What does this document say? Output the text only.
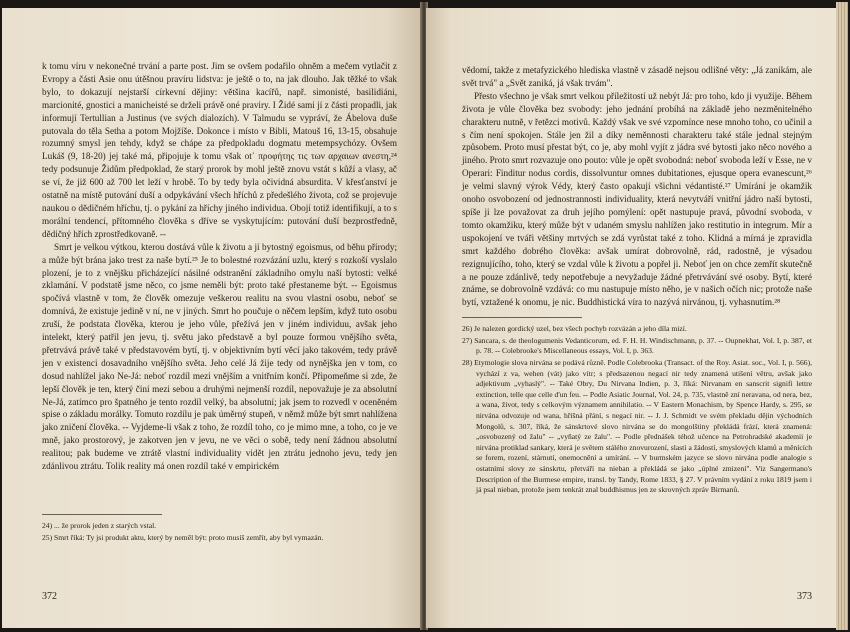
k tomu víru v nekonečné trvání a parte post. Jim se ovšem podařilo ohněm a mečem vytlačit z Evropy a části Asie onu útěšnou pravíru lidstva: je ještě o to, na jak dlouho. Jak těžké to však bylo, to dokazují nejstarší církevní dějiny: většina kacířů, např. simonisté, basilidiáni, marcionité, gnostici a manicheisté se drželi právě oné praviry. I Židé sami jí z části propadli, jak informují Tertullian a Justinus (ve svých dialozích). V Talmudu se vypráví, že Ábelova duše putovala do těla Setha a potom Mojžíše. Dokonce i místo v Bibli, Matouš 16, 13-15, obsahuje rozumný smysl jen tehdy, když se chápe za předpokladu dogmatu metempsychózy. Ovšem Lukáš (9, 18-20) jej také má, připojuje k tomu však ot᾽ προφήτης τις των αρχαιων ανεστη,²⁴ tedy podsunuje Židům předpoklad, že starý prorok by mohl ještě znovu vstát s kůží a vlasy, ač se ví, že již 600 až 700 let leží v hrobě. To by tedy byla očividná absurdita. V křesťanství je ostatně na místě putování duší a odpykávání všech hříchů z předešlého života, což se projevuje naukou o dědičném hříchu, tj. o pykání za hříchy jiného individua. Obojí totiž identifikují, a to s morální tendencí, přítomného člověka s dříve se vyskytujícím: putování duší bezprostředně, dědičný hřích zprostředkovaně. --

Smrt je velkou výtkou, kterou dostává vůle k životu a jí bytostný egoismus, od běhu přírody; a může být brána jako trest za naše bytí.²⁵ Je to bolestné rozvázání uzlu, který s rozkoší vyslalo plození, je to z vnějšku přicházející násilné odstranění základního omylu naší bytosti: velké zklamání. V podstatě jsme něco, co jsme neměli být: proto také přestaneme být. -- Egoismus spočívá vlastně v tom, že člověk omezuje veškerou realitu na svou vlastní osobu, neboť se domnívá, že existuje jedině v ní, ne v jiných. Smrt ho poučuje o něčem lepším, když tuto osobu zruší, že podstata člověka, kterou je jeho vůle, přežívá jen v jiném individuu, avšak jeho intelekt, který patřil jen jevu, tj. světu jako představě a byl pouze formou vnějšího světa, přetrvává právě také v představovém bytí, tj. v objektivním bytí věcí jako takovém, tedy právě jen v existenci dosavadního vnějšího světa. Jeho celé Já žije tedy od nynějška jen v tom, co dosud nahlížel jako Ne-Já: neboť rozdíl mezi vnějším a vnitřním končí. Připomeňme si zde, že lepší člověk je ten, který činí mezi sebou a druhými nejmenší rozdíl, nepovažuje je za absolutní Ne-Já, zatímco pro špatného je tento rozdíl velký, ba absolutní; jak jsem to rozvedl v oceněném spise o základu morálky. Tomuto rozdílu je pak úměrný stupeň, v němž může být smrt nahlížena jako zničení člověka. -- Vyjdeme-li však z toho, že rozdíl toho, co je mimo mne, a toho, co je ve mně, jako prostorový, je zakotven jen v jevu, ne ve věci o sobě, tedy není žádnou absolutní realitou; pak budeme ve ztrátě vlastní individuality vidět jen ztrátu jednoho jevu, tedy jen zdánlivou ztrátu. Tolik reality má onen rozdíl také v empirickém

24) ... že prorok jeden z starých vstal.
25) Smrt říká: Ty jsi produkt aktu, který by neměl být: proto musíš zemřít, aby byl vymazán.
372

vědomí, takže z metafyzického hlediska vlastně v zásadě nejsou odlišné věty: „Já zanikám, ale svět trvá" a „Svět zaniká, já však trvám".

Přesto všechno je však smrt velkou příležitostí už nebýt Já: pro toho, kdo ji využije. Během života je vůle člověka bez svobody: jeho jednání probíhá na základě jeho nezměnitelného charakteru nutně, v řetězci motivů. Každý však ve své vzpomínce nese mnoho toho, co učinil a s čím není spokojen. Stále jen žil a díky neměnnosti charakteru také stále jednal stejným způsobem. Proto musí přestat být, co je, aby mohl vyjít z jádra své bytosti jako něco nového a jiného. Proto smrt rozvazuje ono pouto: vůle je opět svobodná: neboť svoboda leží v Esse, ne v Operari: Finditur nodus cordis, dissolvuntur omnes dubitationes, ejusque opera evanescunt,²⁶ je velmi slavný výrok Védy, který často opakují všichni védantisté.²⁷ Umírání je okamžik onoho osvobození od jednostrannosti individuality, která nevytváří vnitřní jádro naší bytosti, spíše ji lze považovat za druh jejího pomýlení: opět nastupuje pravá, původní svoboda, v tomto okamžiku, který může být v udaném smyslu nahlížen jako restitutio in integrum. Mír a uspokojení ve tváři většiny mrtvých se zdá vyrůstat také z toho. Klidná a mírná je zpravidla smrt každého dobrého člověka: avšak umírat dobrovolně, rád, radostně, je výsadou rezignujícího, toho, který se vzdal vůle k životu a popřel ji. Neboť jen on chce zemřít skutečně a ne pouze zdánlivě, tedy nepotřebuje a nevyžaduje žádné přetrvávání své osoby. Bytí, které známe, se dobrovolně vzdává: co mu nastupuje místo něho, je v našich očích nic; protože naše bytí, vztažené k onomu, je nic. Buddhistická víra to nazývá nirvánou, tj. vyhasnutím.²⁸

26) Je nalezen gordický uzel, bez všech pochyb rozvázán a jeho díla mizí.
27) Sancara, s. de theologumenis Vedanticorum, ed. F. H. H. Windischmann, p. 37. -- Oupnekhat, Vol. I, p. 387, et p. 78. -- Colebrooke's Miscellaneous essays, Vol. I, p. 363.
28) Etymologie slova nirvána se podává různě. Podle Colebrooka (Transact. of the Roy. Asiat. soc., Vol. I, p. 566), vychází z va, wehen (vát) jako vítr; s předsazenou negací nir tedy znamená utišení větru, avšak jako adjektivum „vyhaslý". -- Také Obry, Du Nirvana Indien, p. 3, říká: Nirvanam en sanscrit signifi lettre extinction, telle que celle d'un feu. -- Podle Asiatic Journal, Vol. 24, p. 735, vlastně zní neravana, od nera, bez, a wana, život, tedy s celkovým významem annihilatio. -- V Eastern Monachism, by Spence Hardy, s. 295, se nirvána odvozuje od wana, hříšná přání, s negací nir. -- J. J. Schmidt ve svém překladu dějin východních Mongolů, s. 307, říká, že sánskrtové slovo nirvána se do mongolštiny překládá frází, která znamená: „osvobozený od žalu" -- „vyňatý ze žalu". -- Podle přednášek téhož učence na Petrohradské akademii je nirvána protiklad sankary, která je světem stálého znovurození, slastí a žádostí, smyslových klamů a měnících se forem, rození, stárnutí, onemocnění a umírání. -- V burmském jazyce se slovo nirvána podle analogie s ostatními slovy ze sánskrtu, přetváří na nieban a překládá se jako „úplné zmizení". Viz Sangermano's Description of the Burmese empire, transl. by Tandy, Rome 1833, § 27. V právním vydání z roku 1819 jsem i já psal nieban, protože jsem tenkrát znal buddhismus jen ze skrovných zpráv Birmanů.
373
